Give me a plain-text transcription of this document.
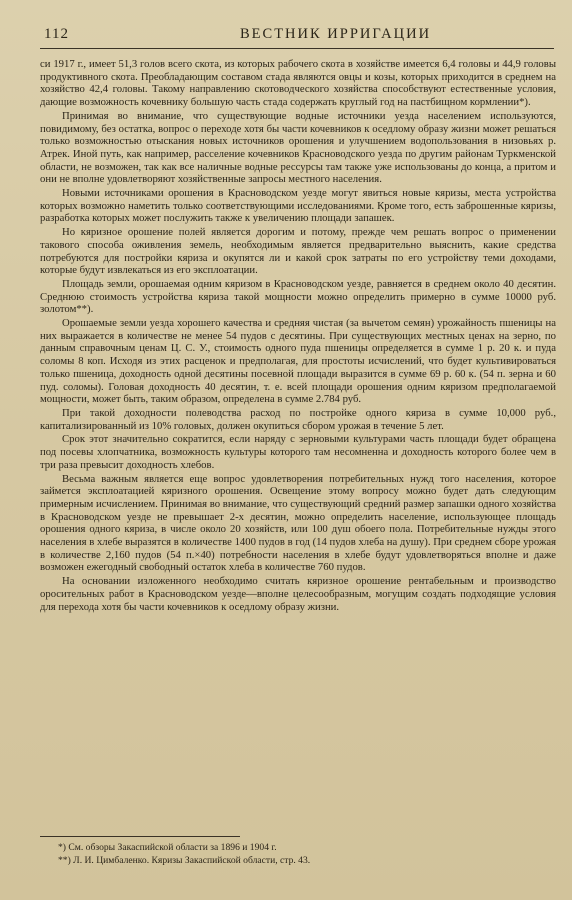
112	ВЕСТНИК ИРРИГАЦИИ

си 1917 г., имеет 51,3 голов всего скота, из которых рабочего скота в хозяйстве имеется 6,4 головы и 44,9 головы продуктивного скота. Преобладающим составом стада являются овцы и козы, которых приходится в среднем на хозяйство 42,4 головы. Такому направлению скотоводческого хозяйства способствуют естественные условия, дающие возможность кочевнику большую часть стада содержать круглый год на пастбищном кормлении*).

Принимая во внимание, что существующие водные источники уезда населением используются, повидимому, без остатка, вопрос о переходе хотя бы части кочевников к оседлому образу жизни может решаться только возможностью отыскания новых источников орошения и улучшением водопользования в низовьях р. Атрек. Иной путь, как например, расселение кочевников Красноводского уезда по другим районам Туркменской области, не возможен, так как все наличные водные рессурсы там также уже использованы до конца, а притом и они не вполне удовлетворяют хозяйственные запросы местного населения.

Новыми источниками орошения в Красноводском уезде могут явиться новые кяризы, места устройства которых возможно наметить только соответствующими исследованиями. Кроме того, есть заброшенные кяризы, разработка которых может послужить также к увеличению площади запашек.

Но кяризное орошение полей является дорогим и потому, прежде чем решать вопрос о применении такового способа оживления земель, необходимым является предварительно выяснить, какие средства потребуются для постройки кяриза и окупятся ли и какой срок затраты по его устройству теми доходами, которые будут извлекаться из его эксплоатации.

Площадь земли, орошаемая одним кяризом в Красноводском уезде, равняется в среднем около 40 десятин. Среднюю стоимость устройства кяриза такой мощности можно определить примерно в сумме 10000 руб. золотом**).

Орошаемые земли уезда хорошего качества и средняя чистая (за вычетом семян) урожайность пшеницы на них выражается в количестве не менее 54 пудов с десятины. При существующих местных ценах на зерно, по данным справочным ценам Ц. С. У., стоимость одного пуда пшеницы определяется в сумме 1 р. 20 к. и пуда соломы 8 коп. Исходя из этих расценок и предполагая, для простоты исчислений, что будет культивироваться только пшеница, доходность одной десятины посевной площади выразится в сумме 69 р. 60 к. (54 п. зерна и 60 пуд. соломы). Головая доходность 40 десятин, т. е. всей площади орошения одним кяризом предполагаемой мощности, может быть, таким образом, определена в сумме 2.784 руб.

При такой доходности полеводства расход по постройке одного кяриза в сумме 10,000 руб., капитализированный из 10% головых, должен окупиться сбором урожая в течение 5 лет.

Срок этот значительно сократится, если наряду с зерновыми культурами часть площади будет обращена под посевы хлопчатника, возможность культуры которого там несомненна и доходность которого более чем в три раза превысит доходность хлебов.

Весьма важным является еще вопрос удовлетворения потребительных нужд того населения, которое займется эксплоатацией кяризного орошения. Освещение этому вопросу можно будет дать следующим примерным исчислением. Принимая во внимание, что существующий средний размер запашки одного хозяйства в Красноводском уезде не превышает 2-х десятин, можно определить население, использующее площадь орошения одного кяриза, в числе около 20 хозяйств, или 100 душ обоего пола. Потребительные нужды этого населения в хлебе выразятся в количестве 1400 пудов в год (14 пудов хлеба на душу). При среднем сборе урожая в количестве 2,160 пудов (54 п.×40) потребности населения в хлебе будут удовлетворяться вполне и даже возможен ежегодный свободный остаток хлеба в количестве 760 пудов.

На основании изложенного необходимо считать кяризное орошение рентабельным и производство оросительных работ в Красноводском уезде—вполне целесообразным, могущим создать подходящие условия для перехода хотя бы части кочевников к оседлому образу жизни.

*) См. обзоры Закаспийской области за 1896 и 1904 г.
**) Л. И. Цимбаленко. Кяризы Закаспийской области, стр. 43.
